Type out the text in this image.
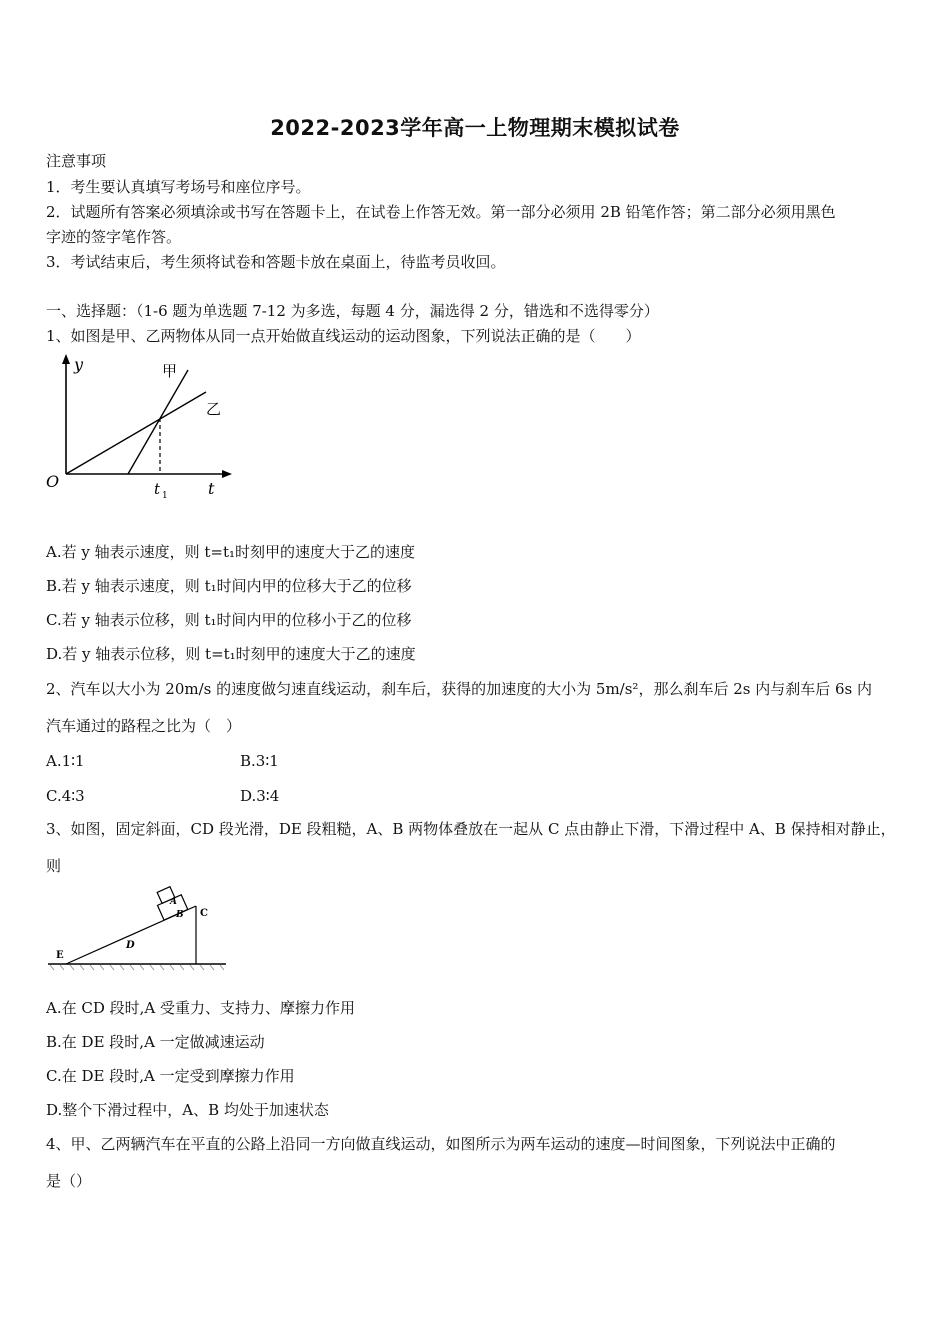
2022-2023学年高一上物理期末模拟试卷
注意事项
1．考生要认真填写考场号和座位序号。
2．试题所有答案必须填涂或书写在答题卡上，在试卷上作答无效。第一部分必须用 2B 铅笔作答；第二部分必须用黑色
字迹的签字笔作答。
3．考试结束后，考生须将试卷和答题卡放在桌面上，待监考员收回。
一、选择题：（1-6 题为单选题 7-12 为多选，每题 4 分，漏选得 2 分，错选和不选得零分）
1、如图是甲、乙两物体从同一点开始做直线运动的运动图象，下列说法正确的是（　　）
y
O	t
t 1
甲
乙
A.若 y 轴表示速度，则 t=t₁时刻甲的速度大于乙的速度
B.若 y 轴表示速度，则 t₁时间内甲的位移大于乙的位移
C.若 y 轴表示位移，则 t₁时间内甲的位移小于乙的位移
D.若 y 轴表示位移，则 t=t₁时刻甲的速度大于乙的速度
2、汽车以大小为 20m/s 的速度做匀速直线运动，刹车后，获得的加速度的大小为 5m/s²，那么刹车后 2s 内与刹车后 6s 内
汽车通过的路程之比为（　）
A.1∶1	B.3∶1
C.4∶3	D.3∶4
3、如图，固定斜面，CD 段光滑，DE 段粗糙，A、B 两物体叠放在一起从 C 点由静止下滑，下滑过程中 A、B 保持相对静止，
则
A
B C
D
E
A.在 CD 段时,A 受重力、支持力、摩擦力作用
B.在 DE 段时,A 一定做减速运动
C.在 DE 段时,A 一定受到摩擦力作用
D.整个下滑过程中，A、B 均处于加速状态
4、甲、乙两辆汽车在平直的公路上沿同一方向做直线运动，如图所示为两车运动的速度—时间图象，下列说法中正确的
是（）
